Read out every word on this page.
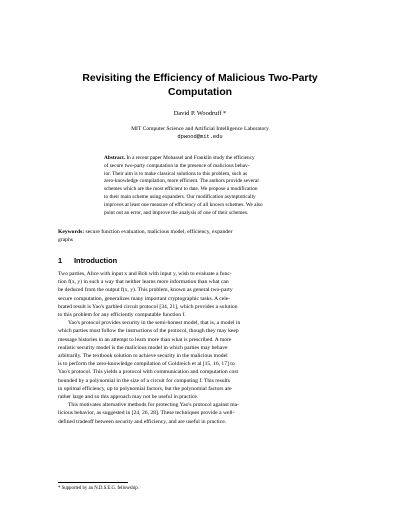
Revisiting the Efficiency of Malicious Two-Party
Computation
David P. Woodruff *
MIT Computer Science and Artificial Intelligence Laboratory
dpwood@mit.edu
Abstract. In a recent paper Mohassel and Franklin study the efficiency
of secure two-party computation in the presence of malicious behav-
ior. Their aim is to make classical solutions to this problem, such as
zero-knowledge compilation, more efficient. The authors provide several
schemes which are the most efficient to date. We propose a modification
to their main scheme using expanders. Our modification asymptotically
improves at least one measure of efficiency of all known schemes. We also
point out an error, and improve the analysis of one of their schemes.
Keywords: secure function evaluation, malicious model, efficiency, expander
graphs
1 Introduction
Two parties, Alice with input x and Bob with input y, wish to evaluate a func-
tion f(x, y) in such a way that neither learns more information than what can
be deduced from the output f(x, y). This problem, known as general two-party
secure computation, generalizes many important cryptographic tasks. A cele-
brated result is Yao's garbled circuit protocol [34, 21], which provides a solution
to this problem for any efficiently computable function f.
Yao's protocol provides security in the semi-honest model, that is, a model in
which parties must follow the instructions of the protocol, though they may keep
message histories in an attempt to learn more than what is prescribed. A more
realistic security model is the malicious model in which parties may behave
arbitrarily. The textbook solution to achieve security in the malicious model
is to perform the zero-knowledge compilation of Goldreich et al [15, 16, 17] to
Yao's protocol. This yields a protocol with communication and computation cost
bounded by a polynomial in the size of a circuit for computing f. This results
in optimal efficiency, up to polynomial factors, but the polynomial factors are
rather large and so this approach may not be useful in practice.
This motivates alternative methods for protecting Yao's protocol against ma-
licious behavior, as suggested in [24, 26, 28]. These techniques provide a well-
defined tradeoff between security and efficiency, and are useful in practice.
* Supported by an N.D.S.E.G. fellowship.
